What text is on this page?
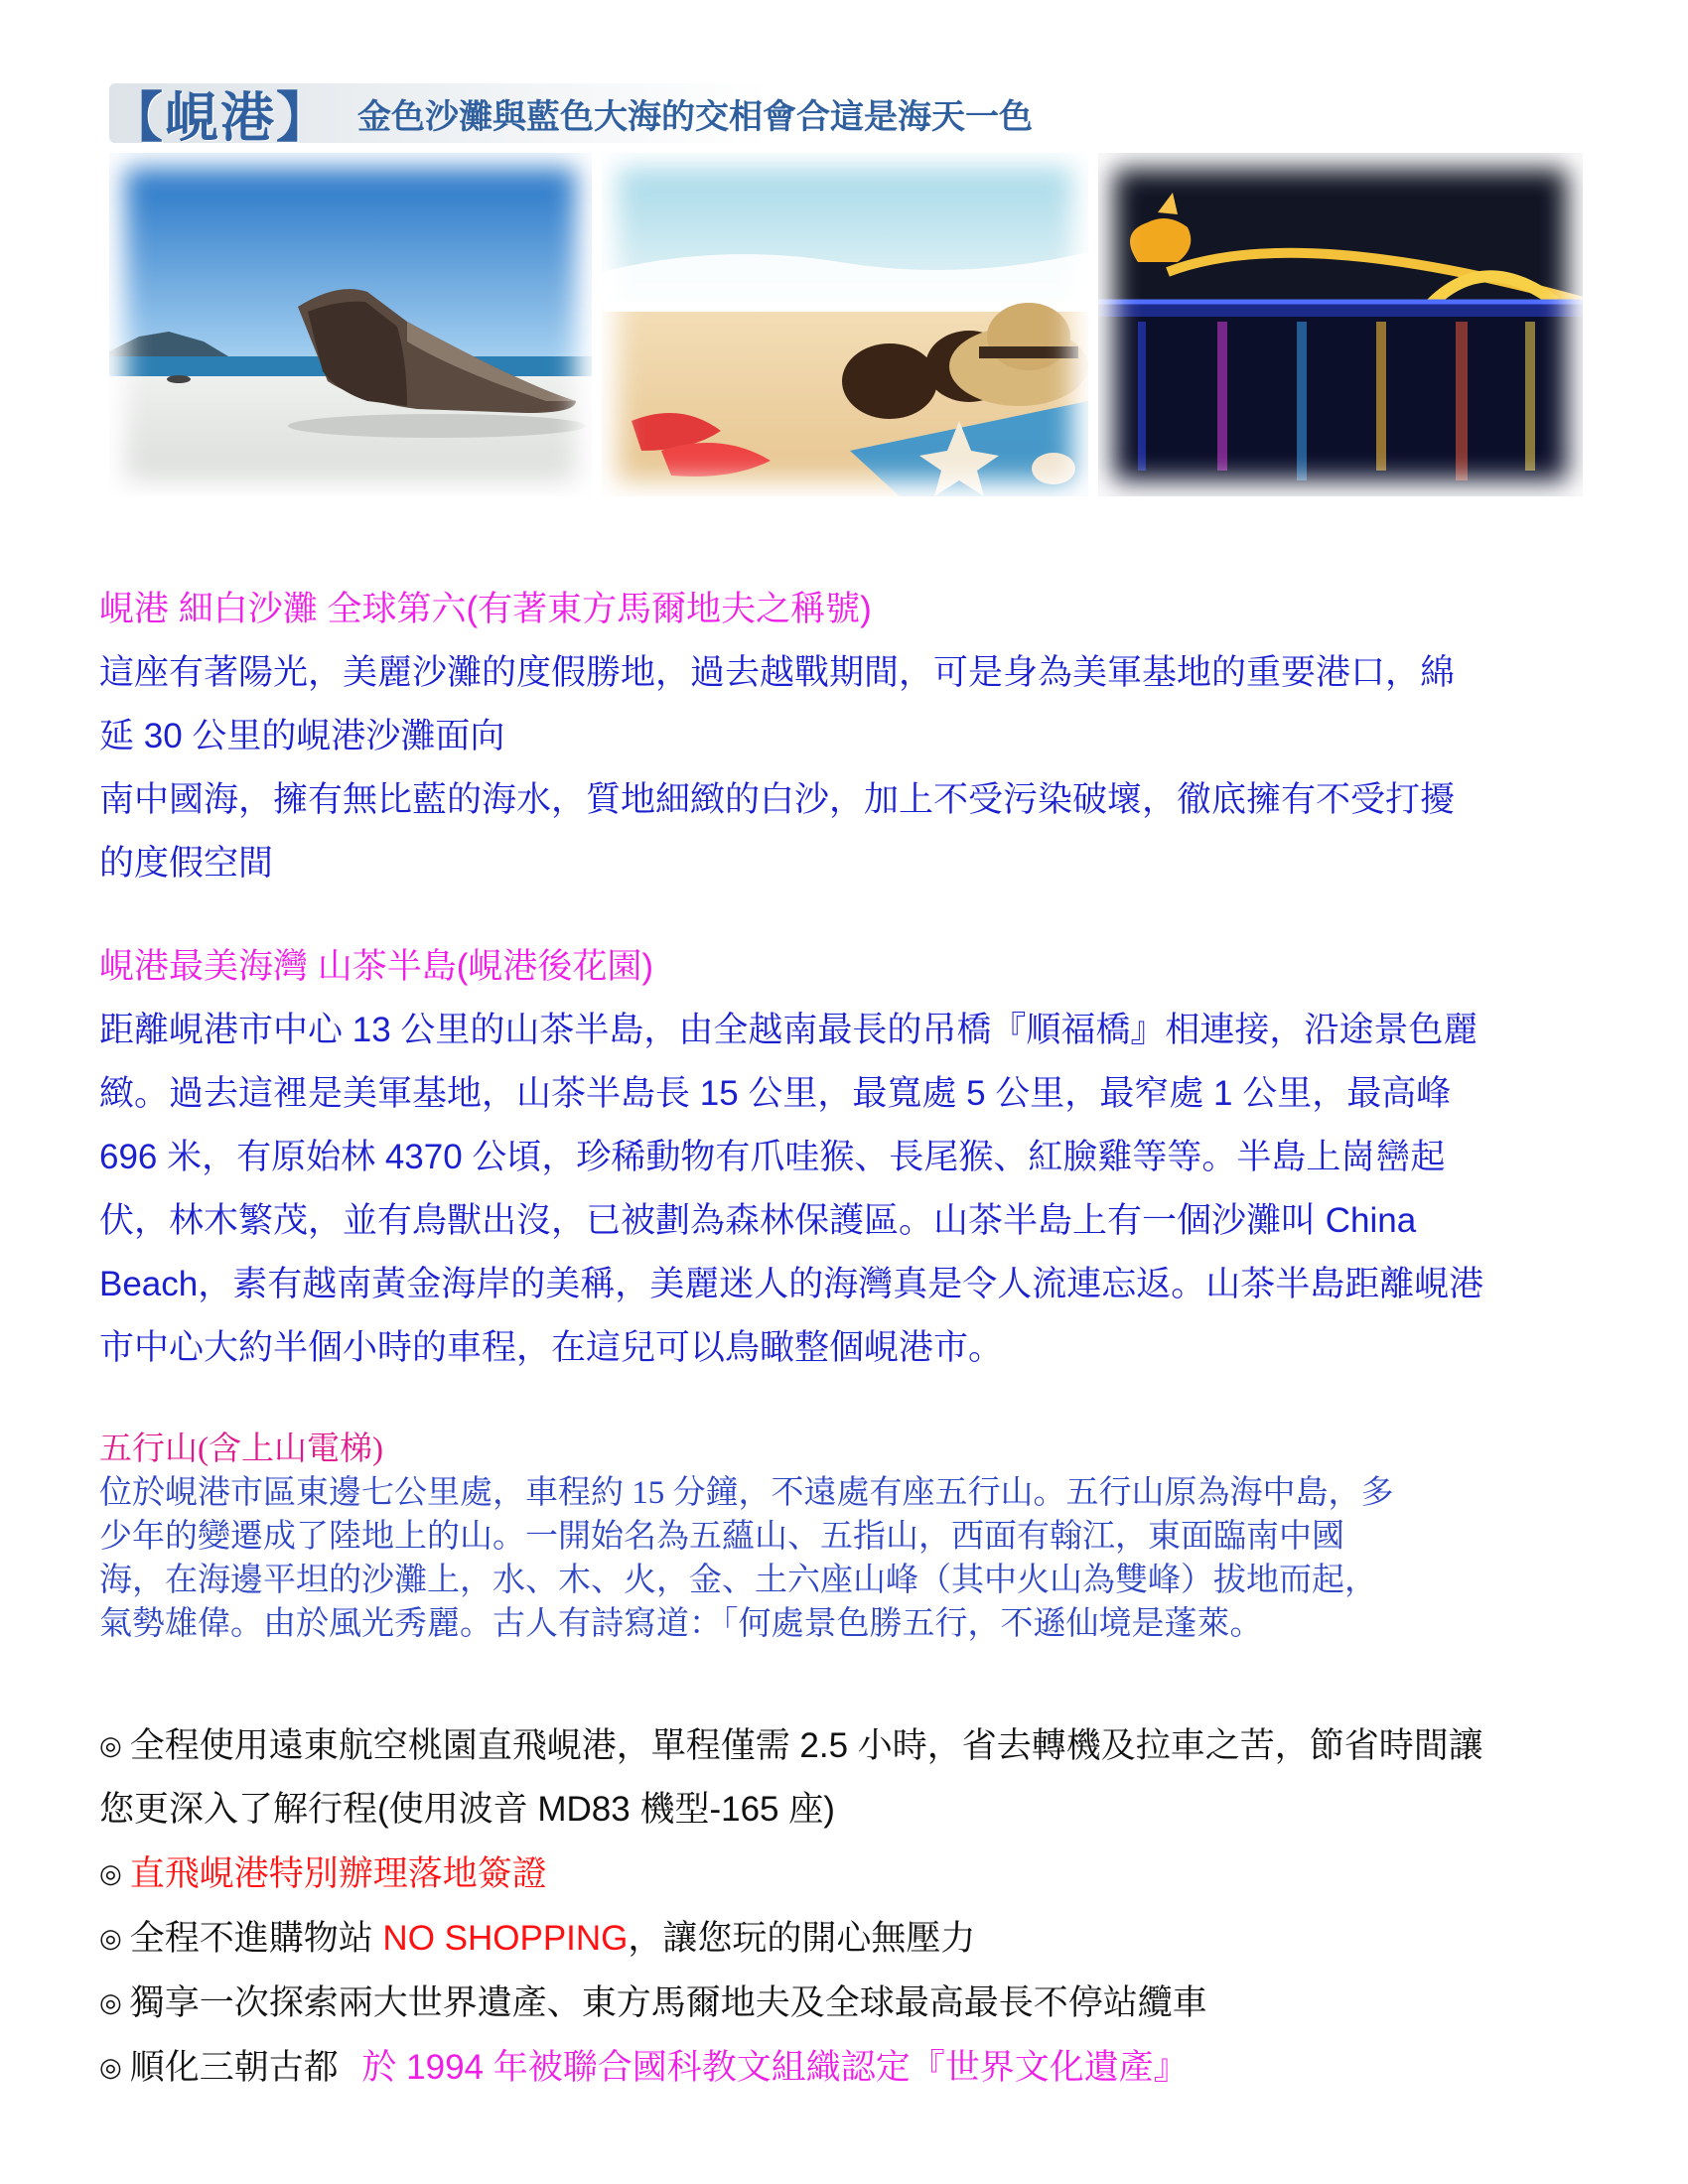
【峴港】 金色沙灘與藍色大海的交相會合這是海天一色

峴港 細白沙灘 全球第六(有著東方馬爾地夫之稱號)

這座有著陽光，美麗沙灘的度假勝地，過去越戰期間，可是身為美軍基地的重要港口，綿

延 30 公里的峴港沙灘面向

南中國海，擁有無比藍的海水，質地細緻的白沙，加上不受污染破壞，徹底擁有不受打擾

的度假空間

峴港最美海灣 山茶半島(峴港後花園)

距離峴港市中心 13 公里的山茶半島，由全越南最長的吊橋『順福橋』相連接，沿途景色麗

緻。過去這裡是美軍基地，山茶半島長 15 公里，最寬處 5 公里，最窄處 1 公里，最高峰

696 米，有原始林 4370 公頃，珍稀動物有爪哇猴、長尾猴、紅臉雞等等。半島上崗巒起

伏，林木繁茂，並有鳥獸出沒，已被劃為森林保護區。山茶半島上有一個沙灘叫 China

Beach，素有越南黃金海岸的美稱，美麗迷人的海灣真是令人流連忘返。山茶半島距離峴港

市中心大約半個小時的車程，在這兒可以鳥瞰整個峴港市。

五行山(含上山電梯)

位於峴港市區東邊七公里處，車程約 15 分鐘，不遠處有座五行山。五行山原為海中島，多

少年的變遷成了陸地上的山。一開始名為五蘊山、五指山，西面有翰江，東面臨南中國

海，在海邊平坦的沙灘上，水、木、火，金、土六座山峰（其中火山為雙峰）拔地而起，

氣勢雄偉。由於風光秀麗。古人有詩寫道：「何處景色勝五行，不遜仙境是蓬萊。

◎ 全程使用遠東航空桃園直飛峴港，單程僅需 2.5 小時，省去轉機及拉車之苦，節省時間讓

您更深入了解行程(使用波音 MD83 機型-165 座)

◎ 直飛峴港特別辦理落地簽證

◎ 全程不進購物站 NO SHOPPING，讓您玩的開心無壓力

◎ 獨享一次探索兩大世界遺產、東方馬爾地夫及全球最高最長不停站纜車

◎ 順化三朝古都 於 1994 年被聯合國科教文組織認定『世界文化遺產』
